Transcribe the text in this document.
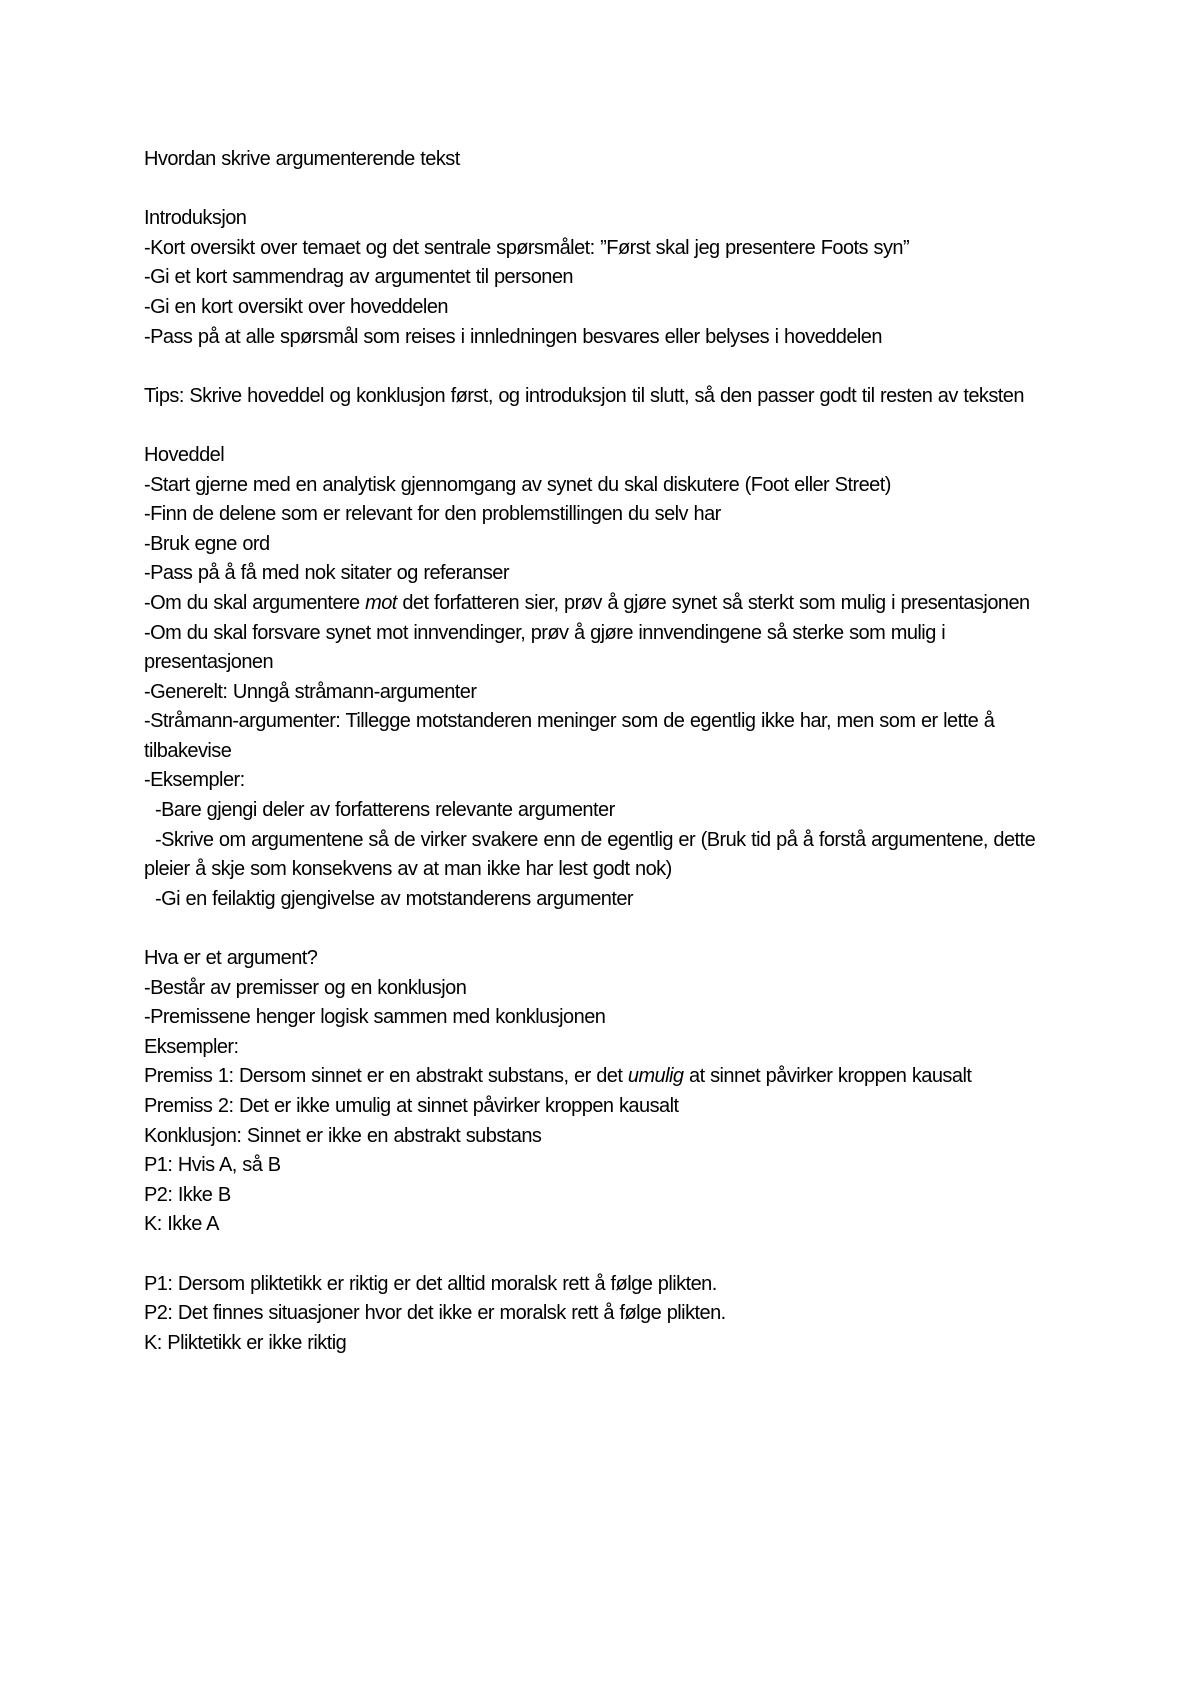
Hvordan skrive argumenterende tekst

Introduksjon

-Kort oversikt over temaet og det sentrale spørsmålet: ”Først skal jeg presentere Foots syn”

-Gi et kort sammendrag av argumentet til personen

-Gi en kort oversikt over hoveddelen

-Pass på at alle spørsmål som reises i innledningen besvares eller belyses i hoveddelen

Tips: Skrive hoveddel og konklusjon først, og introduksjon til slutt, så den passer godt til resten av teksten

Hoveddel

-Start gjerne med en analytisk gjennomgang av synet du skal diskutere (Foot eller Street)

-Finn de delene som er relevant for den problemstillingen du selv har

-Bruk egne ord

-Pass på å få med nok sitater og referanser

-Om du skal argumentere mot det forfatteren sier, prøv å gjøre synet så sterkt som mulig i presentasjonen

-Om du skal forsvare synet mot innvendinger, prøv å gjøre innvendingene så sterke som mulig i presentasjonen

-Generelt: Unngå stråmann-argumenter

-Stråmann-argumenter: Tillegge motstanderen meninger som de egentlig ikke har, men som er lette å tilbakevise

-Eksempler:

-Bare gjengi deler av forfatterens relevante argumenter

-Skrive om argumentene så de virker svakere enn de egentlig er (Bruk tid på å forstå argumentene, dette pleier å skje som konsekvens av at man ikke har lest godt nok)

-Gi en feilaktig gjengivelse av motstanderens argumenter

Hva er et argument?

-Består av premisser og en konklusjon

-Premissene henger logisk sammen med konklusjonen

Eksempler:

Premiss 1: Dersom sinnet er en abstrakt substans, er det umulig at sinnet påvirker kroppen kausalt

Premiss 2: Det er ikke umulig at sinnet påvirker kroppen kausalt

Konklusjon: Sinnet er ikke en abstrakt substans

P1: Hvis A, så B

P2: Ikke B

K: Ikke A

P1: Dersom pliktetikk er riktig er det alltid moralsk rett å følge plikten.

P2: Det finnes situasjoner hvor det ikke er moralsk rett å følge plikten.

K: Pliktetikk er ikke riktig
